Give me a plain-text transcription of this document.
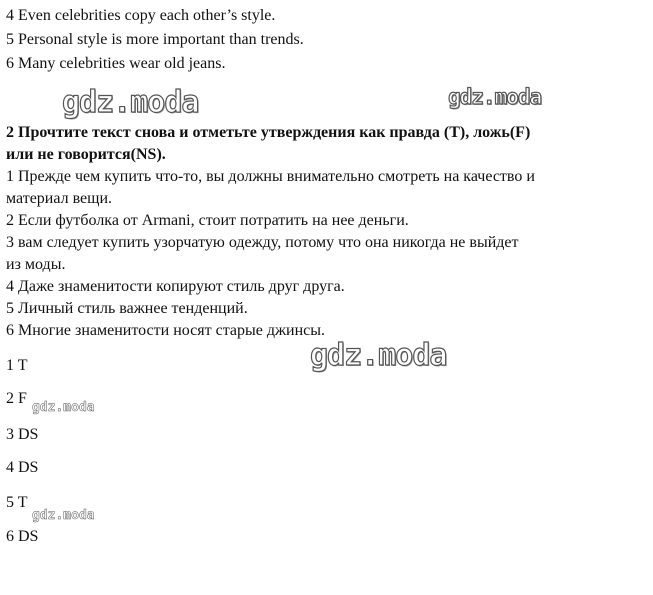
4 Even celebrities copy each other’s style.
5 Personal style is more important than trends.
6 Many celebrities wear old jeans.
gdz.moda	gdz.moda
2 Прочтите текст снова и отметьте утверждения как правда (T), ложь(F)
или не говорится(NS).
1 Прежде чем купить что-то, вы должны внимательно смотреть на качество и
материал вещи.
2 Если футболка от Armani, стоит потратить на нее деньги.
3 вам следует купить узорчатую одежду, потому что она никогда не выйдет
из моды.
4 Даже знаменитости копируют стиль друг друга.
5 Личный стиль важнее тенденций.
6 Многие знаменитости носят старые джинсы.
gdz.moda
1 T
2 F
gdz.moda
3 DS
4 DS
5 T
gdz.moda
6 DS
